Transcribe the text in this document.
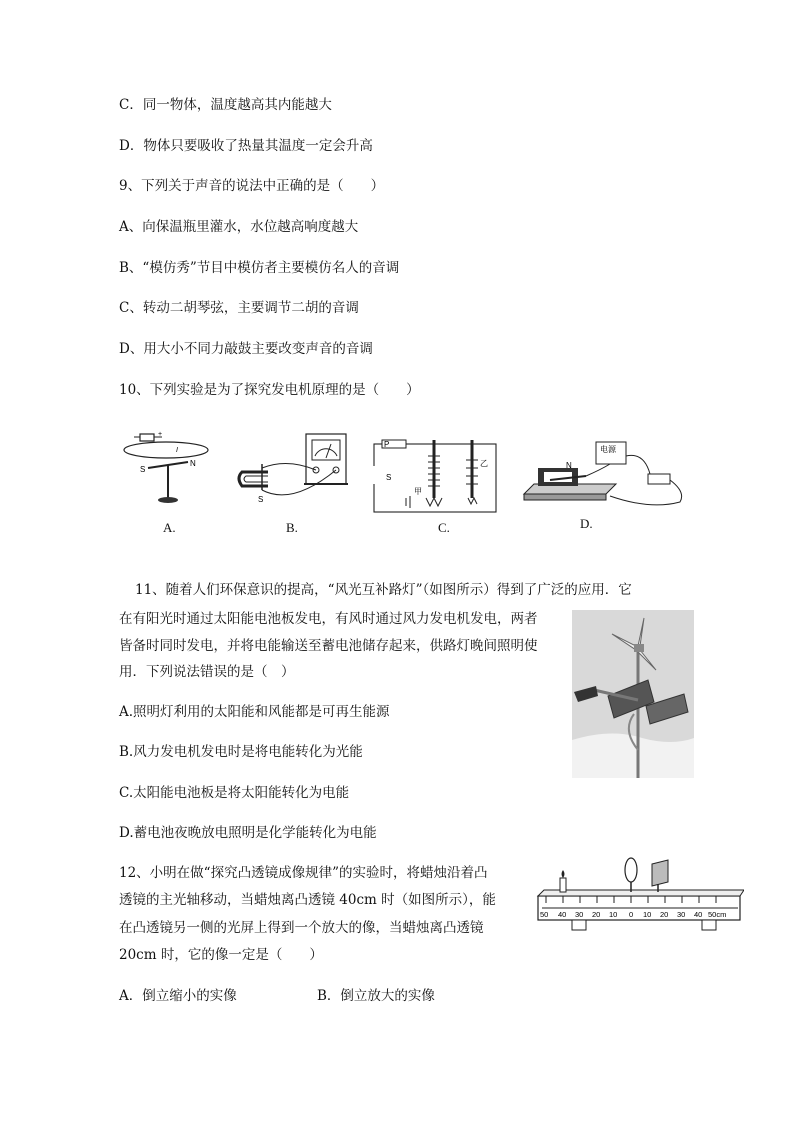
C．同一物体，温度越高其内能越大
D．物体只要吸收了热量其温度一定会升高
9、下列关于声音的说法中正确的是（　　）
A、向保温瓶里灌水，水位越高响度越大
B、“模仿秀”节目中模仿者主要模仿名人的音调
C、转动二胡琴弦，主要调节二胡的音调
D、用大小不同力敲鼓主要改变声音的音调
10、下列实验是为了探究发电机原理的是（　　）
+
I
S
N
A.
S
B.
P
S
甲
乙
C.
电源
N
D.
11、随着人们环保意识的提高，“风光互补路灯”（如图所示）得到了广泛的应用．它
在有阳光时通过太阳能电池板发电，有风时通过风力发电机发电，两者
皆备时同时发电，并将电能输送至蓄电池储存起来，供路灯晚间照明使
用．下列说法错误的是（　）
A.照明灯利用的太阳能和风能都是可再生能源
B.风力发电机发电时是将电能转化为光能
C.太阳能电池板是将太阳能转化为电能
D.蓄电池夜晚放电照明是化学能转化为电能
12、小明在做“探究凸透镜成像规律”的实验时，将蜡烛沿着凸
透镜的主光轴移动，当蜡烛离凸透镜 40cm 时（如图所示），能
在凸透镜另一侧的光屏上得到一个放大的像，当蜡烛离凸透镜
20cm 时，它的像一定是（　　）
A．倒立缩小的实像	B．倒立放大的实像
50 40 30 20 10 0 10 20 30 40 50cm
